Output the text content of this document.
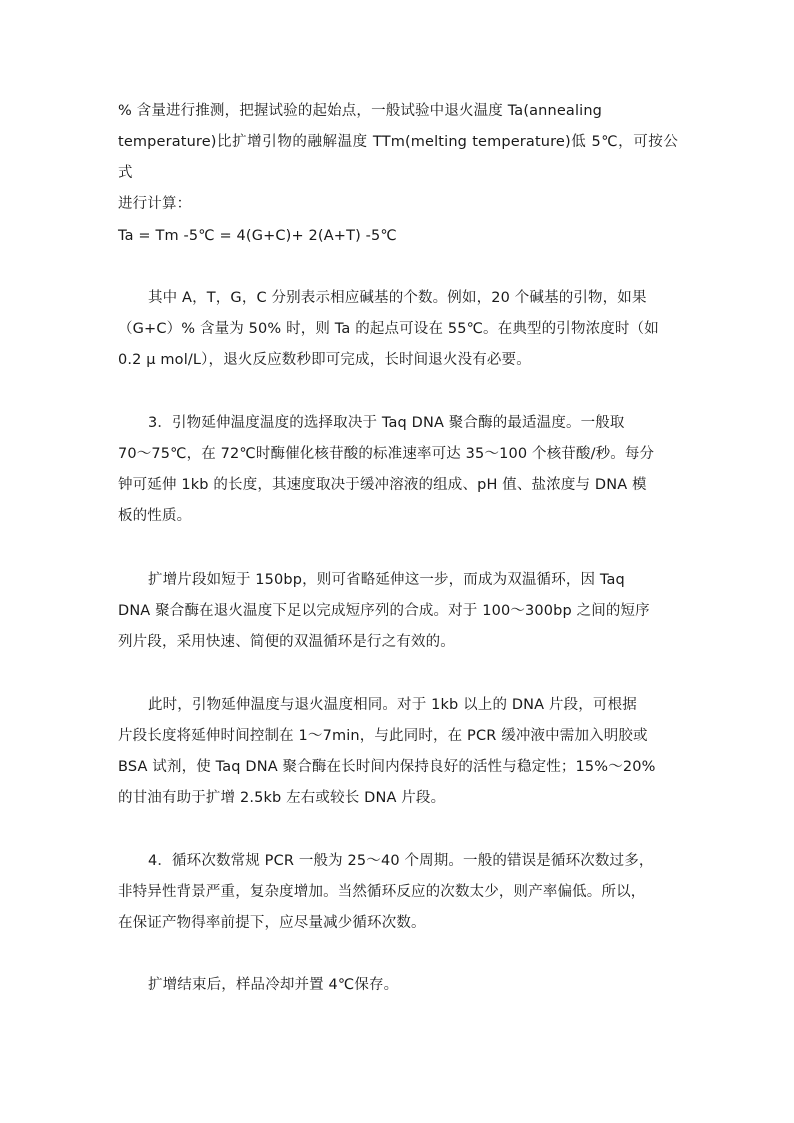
% 含量进行推测，把握试验的起始点，一般试验中退火温度 Ta(annealing
temperature)比扩增引物的融解温度 TTm(melting temperature)低 5℃，可按公式
进行计算：

Ta = Tm -5℃ = 4(G+C)+ 2(A+T) -5℃

其中 A，T，G，C 分别表示相应碱基的个数。例如，20 个碱基的引物，如果
（G+C）% 含量为 50% 时，则 Ta 的起点可设在 55℃。在典型的引物浓度时（如
0.2 μ mol/L），退火反应数秒即可完成，长时间退火没有必要。

3．引物延伸温度温度的选择取决于 Taq DNA 聚合酶的最适温度。一般取
70～75℃，在 72℃时酶催化核苷酸的标准速率可达 35～100 个核苷酸/秒。每分
钟可延伸 1kb 的长度，其速度取决于缓冲溶液的组成、pH 值、盐浓度与 DNA 模
板的性质。

扩增片段如短于 150bp，则可省略延伸这一步，而成为双温循环，因 Taq
DNA 聚合酶在退火温度下足以完成短序列的合成。对于 100～300bp 之间的短序
列片段，采用快速、简便的双温循环是行之有效的。

此时，引物延伸温度与退火温度相同。对于 1kb 以上的 DNA 片段，可根据
片段长度将延伸时间控制在 1～7min，与此同时，在 PCR 缓冲液中需加入明胶或
BSA 试剂，使 Taq DNA 聚合酶在长时间内保持良好的活性与稳定性；15%～20%
的甘油有助于扩增 2.5kb 左右或较长 DNA 片段。

4．循环次数常规 PCR 一般为 25～40 个周期。一般的错误是循环次数过多，
非特异性背景严重，复杂度增加。当然循环反应的次数太少，则产率偏低。所以，
在保证产物得率前提下，应尽量减少循环次数。

扩增结束后，样品冷却并置 4℃保存。
